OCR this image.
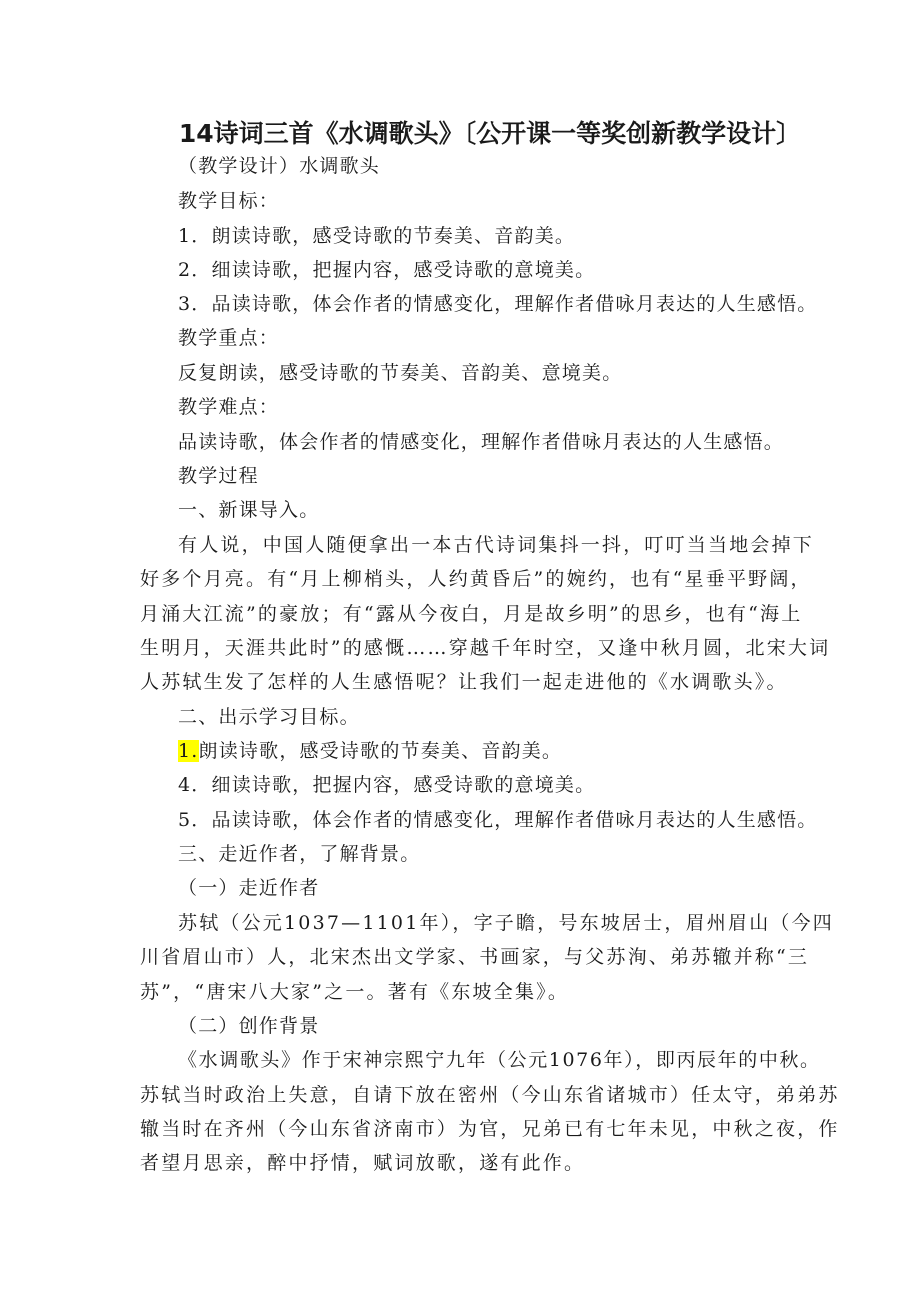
14诗词三首《水调歌头》〔公开课一等奖创新教学设计〕
（教学设计）水调歌头
教学目标：
1．朗读诗歌，感受诗歌的节奏美、音韵美。
2．细读诗歌，把握内容，感受诗歌的意境美。
3．品读诗歌，体会作者的情感变化，理解作者借咏月表达的人生感悟。
教学重点：
反复朗读，感受诗歌的节奏美、音韵美、意境美。
教学难点：
品读诗歌，体会作者的情感变化，理解作者借咏月表达的人生感悟。
教学过程
一、新课导入。
有人说，中国人随便拿出一本古代诗词集抖一抖，叮叮当当地会掉下
好多个月亮。有“月上柳梢头，人约黄昏后”的婉约，也有“星垂平野阔，
月涌大江流”的豪放；有“露从今夜白，月是故乡明”的思乡，也有“海上
生明月，天涯共此时”的感慨……穿越千年时空，又逢中秋月圆，北宋大词
人苏轼生发了怎样的人生感悟呢？让我们一起走进他的《水调歌头》。
二、出示学习目标。
1.朗读诗歌，感受诗歌的节奏美、音韵美。
4．细读诗歌，把握内容，感受诗歌的意境美。
5．品读诗歌，体会作者的情感变化，理解作者借咏月表达的人生感悟。
三、走近作者，了解背景。
（一）走近作者
苏轼（公元1037—1101年），字子瞻，号东坡居士，眉州眉山（今四
川省眉山市）人，北宋杰出文学家、书画家，与父苏洵、弟苏辙并称“三
苏”，“唐宋八大家”之一。著有《东坡全集》。
（二）创作背景
《水调歌头》作于宋神宗熙宁九年（公元1076年），即丙辰年的中秋。
苏轼当时政治上失意，自请下放在密州（今山东省诸城市）任太守，弟弟苏
辙当时在齐州（今山东省济南市）为官，兄弟已有七年未见，中秋之夜，作
者望月思亲，醉中抒情，赋词放歌，遂有此作。
